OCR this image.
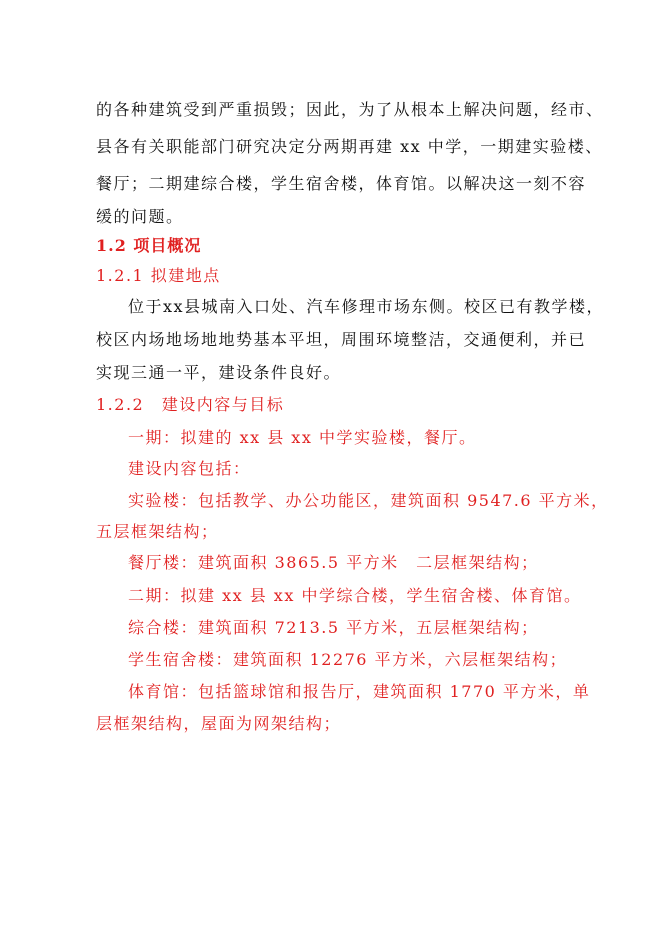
的各种建筑受到严重损毁；因此，为了从根本上解决问题，经市、
县各有关职能部门研究决定分两期再建 xx 中学，一期建实验楼、
餐厅；二期建综合楼，学生宿舍楼，体育馆。以解决这一刻不容
缓的问题。
1.2 项目概况
1.2.1 拟建地点
位于xx县城南入口处、汽车修理市场东侧。校区已有教学楼，
校区内场地场地地势基本平坦，周围环境整洁，交通便利，并已
实现三通一平，建设条件良好。
1.2.2　建设内容与目标
一期：拟建的 xx 县 xx 中学实验楼，餐厅。
建设内容包括：
实验楼：包括教学、办公功能区，建筑面积 9547.6 平方米，
五层框架结构；
餐厅楼：建筑面积 3865.5 平方米　二层框架结构；
二期：拟建 xx 县 xx 中学综合楼，学生宿舍楼、体育馆。
综合楼：建筑面积 7213.5 平方米，五层框架结构；
学生宿舍楼：建筑面积 12276 平方米，六层框架结构；
体育馆：包括篮球馆和报告厅，建筑面积 1770 平方米，单
层框架结构，屋面为网架结构；
